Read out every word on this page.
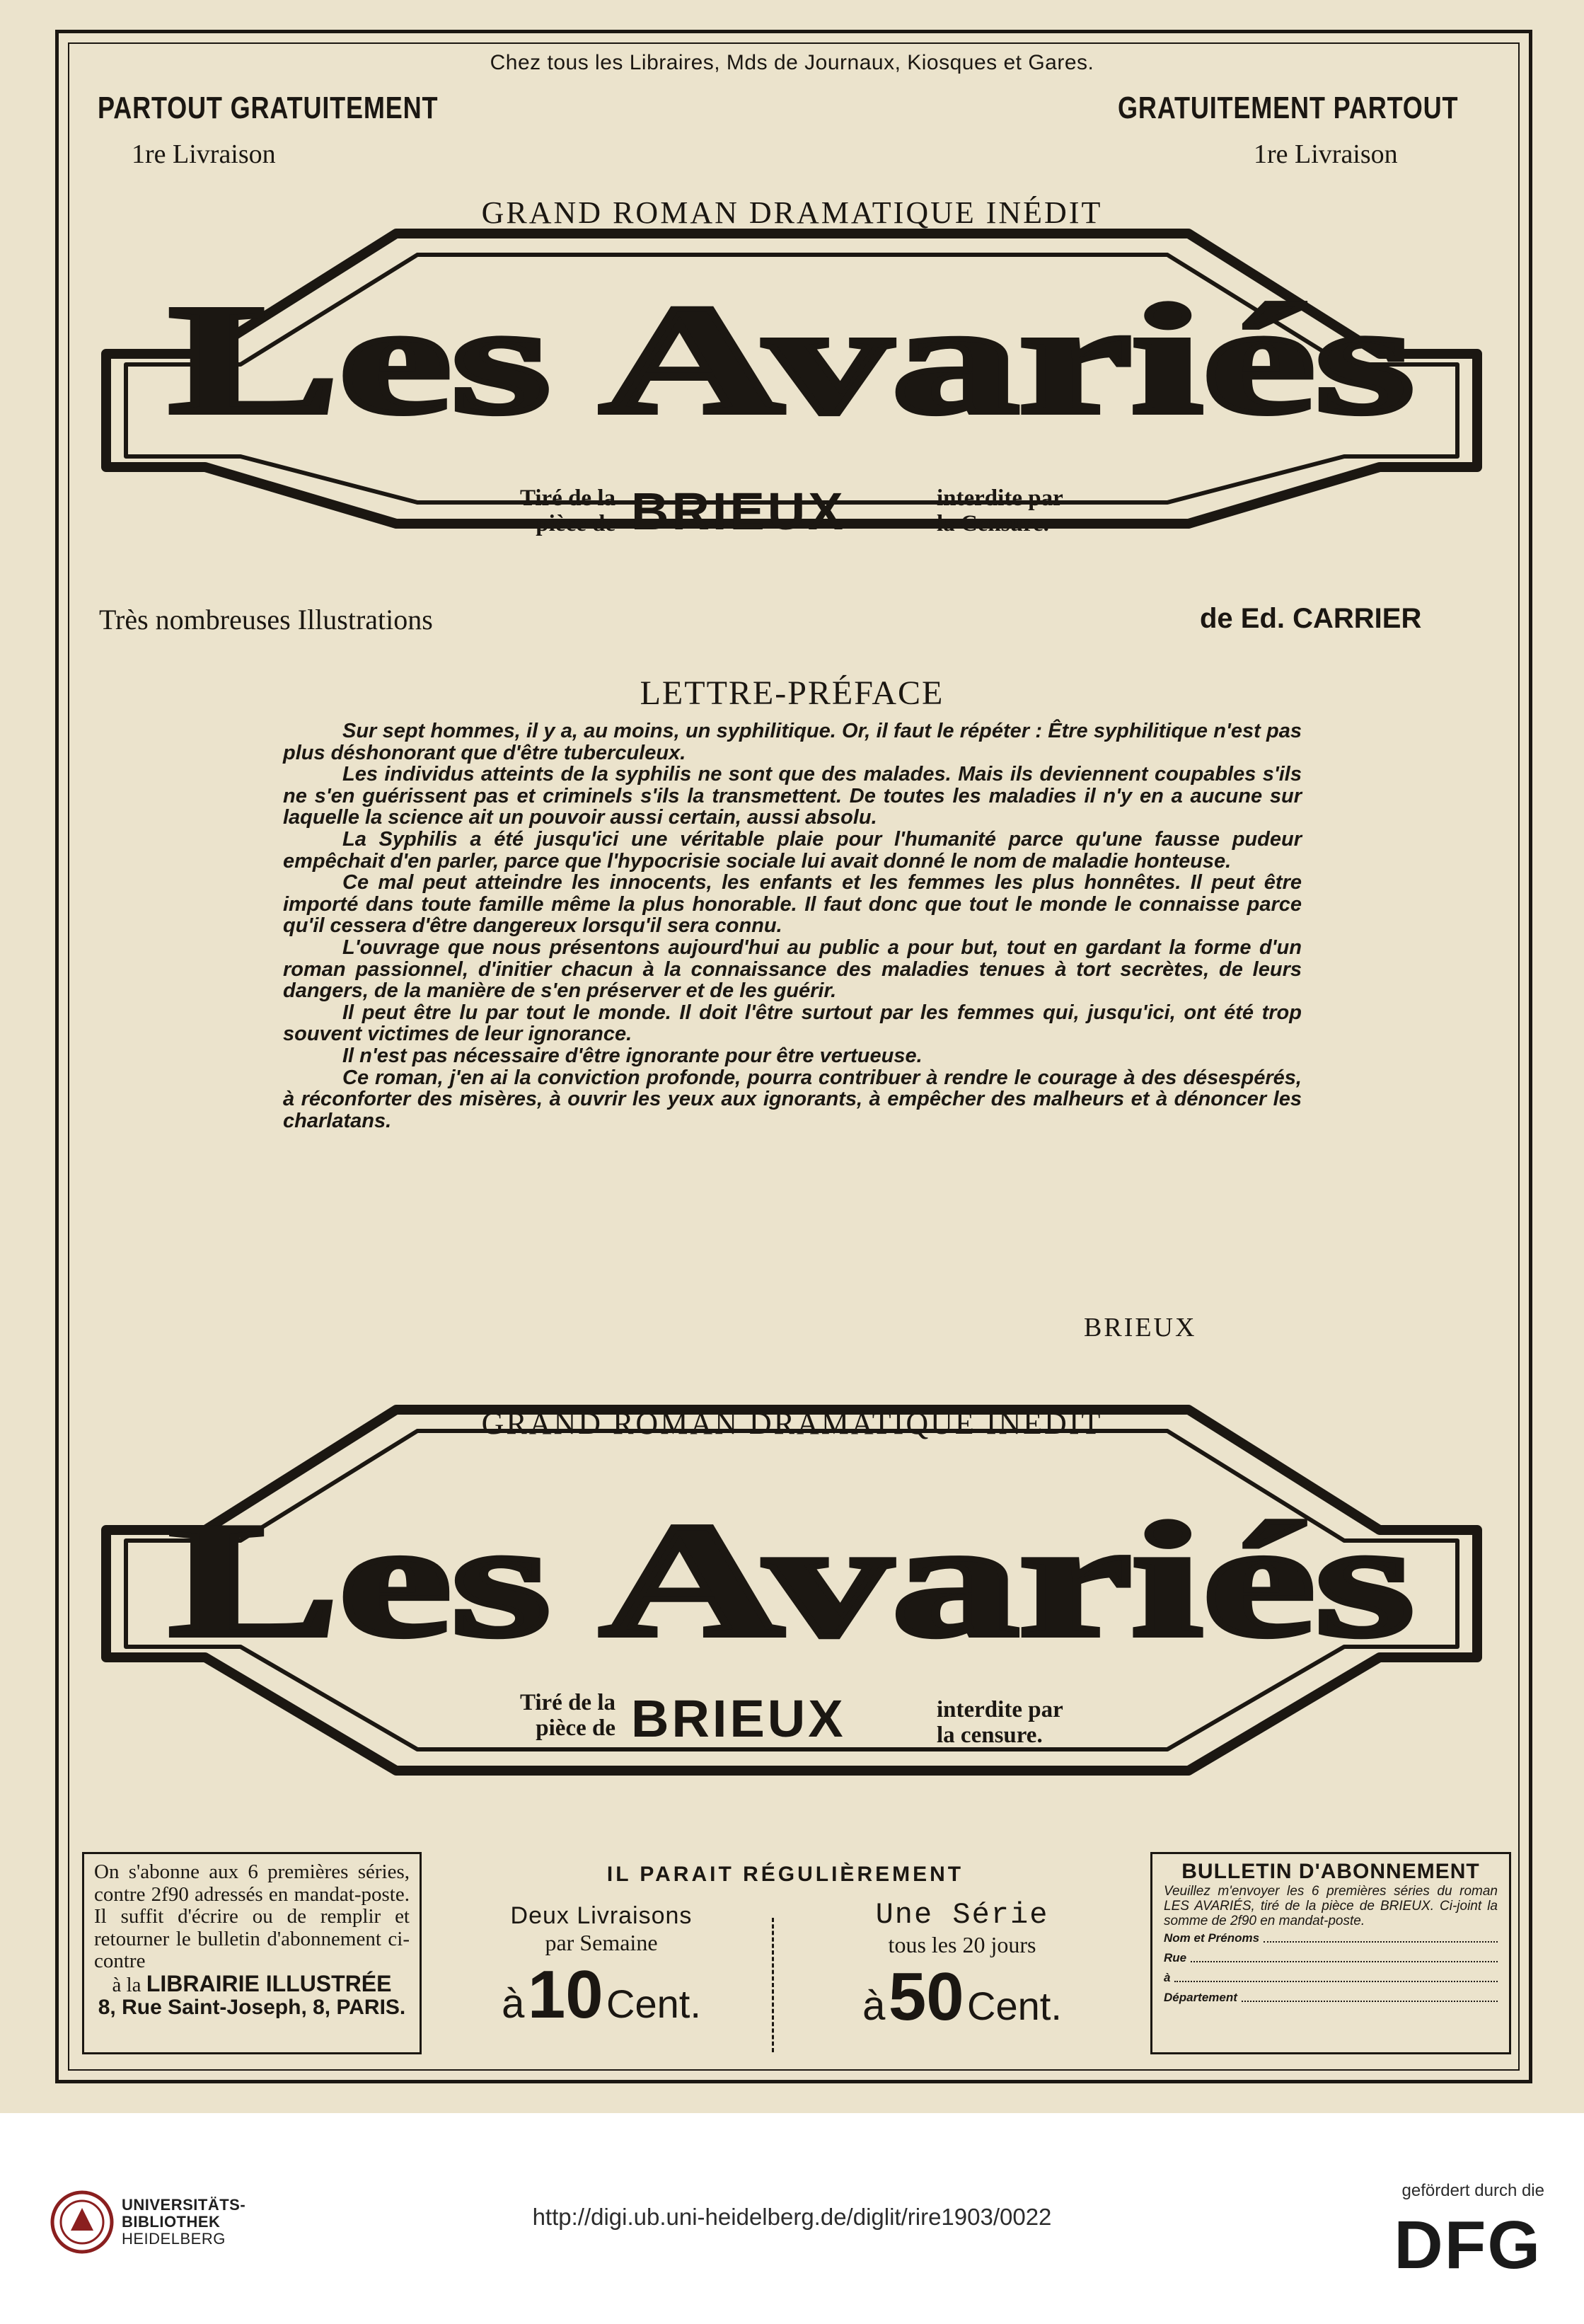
Chez tous les Libraires, Mds de Journaux, Kiosques et Gares.
PARTOUT GRATUITEMENT	GRATUITEMENT PARTOUT
1re Livraison	1re Livraison
GRAND ROMAN DRAMATIQUE INÉDIT
Les Avariés
Tiré de la
pièce de BRIEUX	interdite par
la Censure.
Très nombreuses Illustrations	de Ed. CARRIER
LETTRE-PRÉFACE

Sur sept hommes, il y a, au moins, un syphilitique. Or, il faut le répéter : Être syphilitique n'est pas plus déshonorant que d'être tuberculeux.

Les individus atteints de la syphilis ne sont que des malades. Mais ils deviennent coupables s'ils ne s'en guérissent pas et criminels s'ils la transmettent. De toutes les maladies il n'y en a aucune sur laquelle la science ait un pouvoir aussi certain, aussi absolu.

La Syphilis a été jusqu'ici une véritable plaie pour l'humanité parce qu'une fausse pudeur empêchait d'en parler, parce que l'hypocrisie sociale lui avait donné le nom de maladie honteuse.

Ce mal peut atteindre les innocents, les enfants et les femmes les plus honnêtes. Il peut être importé dans toute famille même la plus honorable. Il faut donc que tout le monde le connaisse parce qu'il cessera d'être dangereux lorsqu'il sera connu.

L'ouvrage que nous présentons aujourd'hui au public a pour but, tout en gardant la forme d'un roman passionnel, d'initier chacun à la connaissance des maladies tenues à tort secrètes, de leurs dangers, de la manière de s'en préserver et de les guérir.

Il peut être lu par tout le monde. Il doit l'être surtout par les femmes qui, jusqu'ici, ont été trop souvent victimes de leur ignorance.

Il n'est pas nécessaire d'être ignorante pour être vertueuse.

Ce roman, j'en ai la conviction profonde, pourra contribuer à rendre le courage à des désespérés, à réconforter des misères, à ouvrir les yeux aux ignorants, à empêcher des malheurs et à dénoncer les charlatans.

BRIEUX
GRAND ROMAN DRAMATIQUE INÉDIT
Les Avariés
Tiré de la
pièce de BRIEUX	interdite par
la censure.
On s'abonne aux 6 premières séries, contre 2f90 adressés en mandat-poste. Il suffit d'écrire ou de remplir et retourner le bulletin d'abonnement ci-contre
à la LIBRAIRIE ILLUSTRÉE
8, Rue Saint-Joseph, 8, PARIS.
IL PARAIT RÉGULIÈREMENT
Deux Livraisons
par Semaine
à 10 Cent.
Une Série
tous les 20 jours
à 50 Cent.
BULLETIN D'ABONNEMENT
Veuillez m'envoyer les 6 premières séries du roman LES AVARIÉS, tiré de la pièce de BRIEUX. Ci-joint la somme de 2f90 en mandat-poste.
Nom et Prénoms
Rue
à
Département
UNIVERSITÄTS-
BIBLIOTHEK
HEIDELBERG
http://digi.ub.uni-heidelberg.de/diglit/rire1903/0022
gefördert durch die
DFG
